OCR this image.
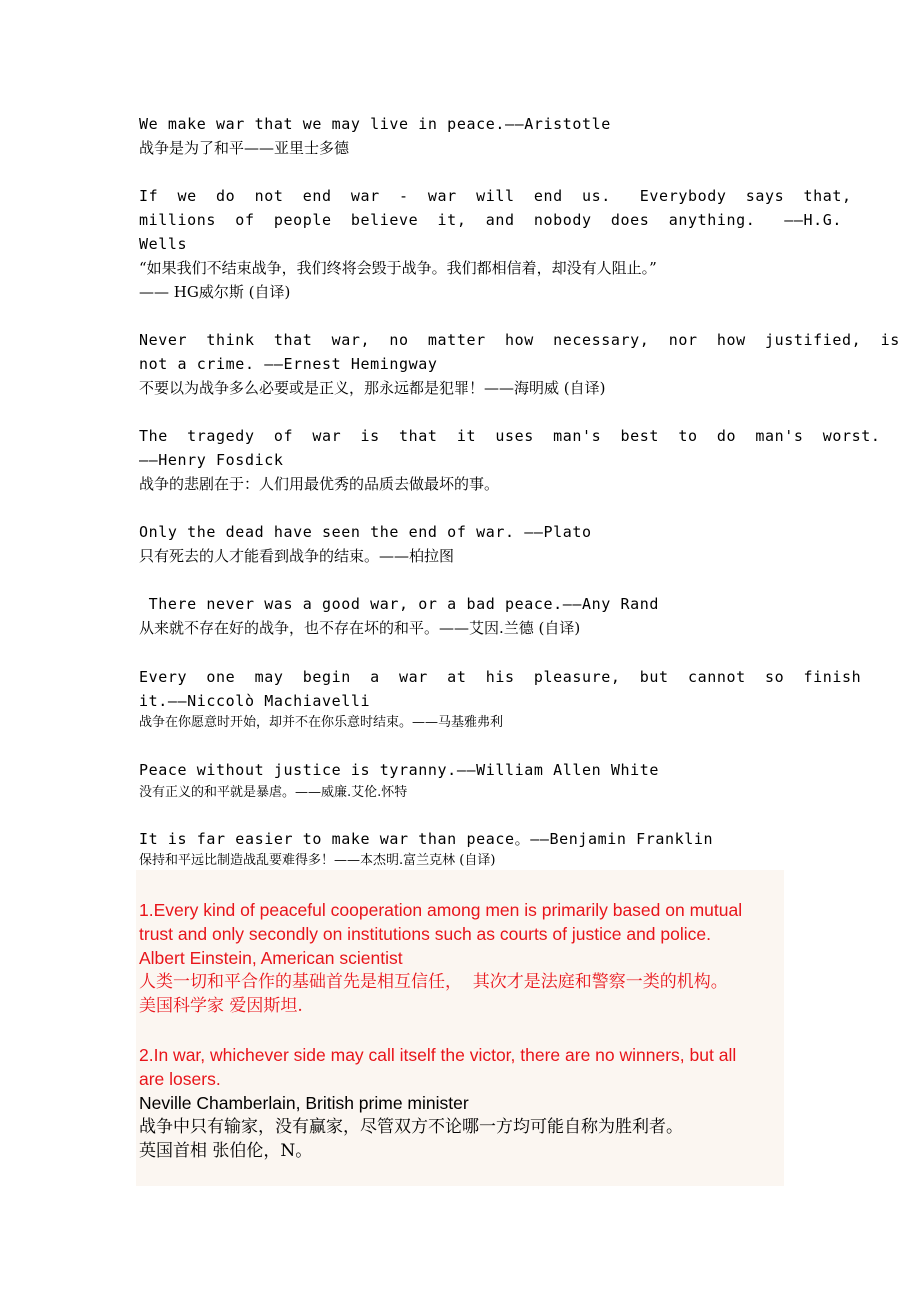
We make war that we may live in peace.——Aristotle
战争是为了和平——亚里士多德
If  we  do  not  end  war  -  war  will  end  us.   Everybody  says  that,
millions  of  people  believe  it,  and  nobody  does  anything.   ——H.G.
Wells
“如果我们不结束战争，我们终将会毁于战争。我们都相信着，却没有人阻止。”
—— HG威尔斯 (自译)
Never  think  that  war,  no  matter  how  necessary,  nor  how  justified,  is
not a crime. ——Ernest Hemingway
不要以为战争多么必要或是正义，那永远都是犯罪！——海明威 (自译)
The  tragedy  of  war  is  that  it  uses  man's  best  to  do  man's  worst.
——Henry Fosdick
战争的悲剧在于：人们用最优秀的品质去做最坏的事。
Only the dead have seen the end of war. ——Plato
只有死去的人才能看到战争的结束。——柏拉图
There never was a good war, or a bad peace.——Any Rand
从来就不存在好的战争，也不存在坏的和平。——艾因.兰德 (自译)
Every  one  may  begin  a  war  at  his  pleasure,  but  cannot  so  finish
it.——Niccolò Machiavelli
战争在你愿意时开始，却并不在你乐意时结束。——马基雅弗利
Peace without justice is tyranny.——William Allen White
没有正义的和平就是暴虐。——威廉.艾伦.怀特
It is far easier to make war than peace。——Benjamin Franklin
保持和平远比制造战乱要难得多！——本杰明.富兰克林 (自译)
1.Every kind of peaceful cooperation among men is primarily based on mutual
trust and only secondly on institutions such as courts of justice and police.
Albert Einstein, American scientist
人类一切和平合作的基础首先是相互信任，  其次才是法庭和警察一类的机构。
美国科学家 爱因斯坦.
2.In war, whichever side may call itself the victor, there are no winners, but all
are losers.
Neville Chamberlain, British prime minister
战争中只有输家，没有赢家，尽管双方不论哪一方均可能自称为胜利者。
英国首相 张伯伦，N。
